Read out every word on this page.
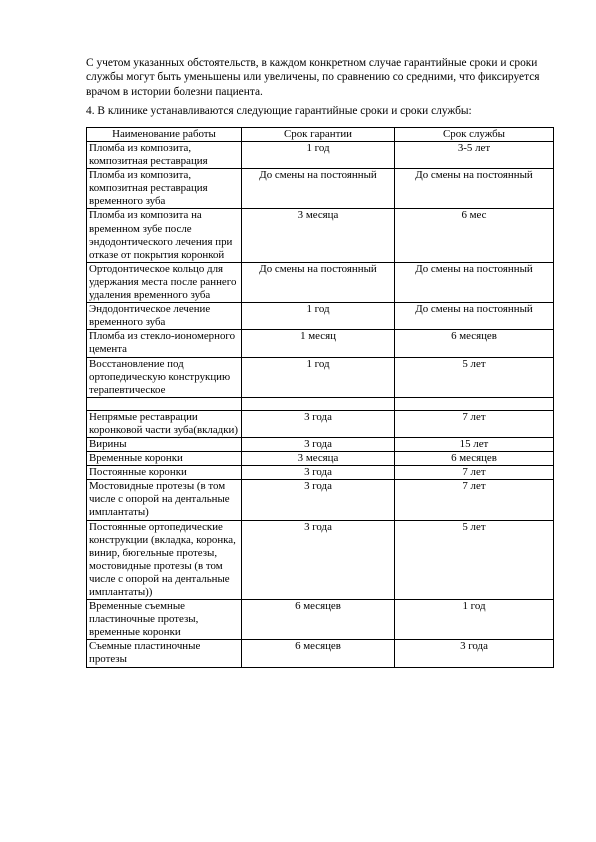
С учетом указанных обстоятельств, в каждом конкретном случае гарантийные сроки и сроки службы могут быть уменьшены или увеличены, по сравнению со средними, что фиксируется врачом в истории болезни пациента.

4. В клинике устанавливаются следующие гарантийные сроки и сроки службы:

Наименование работы	Срок гарантии	Срок службы
Пломба из композита, композитная реставрация	1 год	3-5 лет
Пломба из композита, композитная реставрация временного зуба	До смены на постоянный	До смены на постоянный
Пломба из композита на временном зубе после эндодонтического лечения при отказе от покрытия коронкой	3 месяца	6 мес
Ортодонтическое кольцо для удержания места после раннего удаления временного зуба	До смены на постоянный	До смены на постоянный
Эндодонтическое лечение временного зуба	1 год	До смены на постоянный
Пломба из стекло-иономерного цемента	1 месяц	6 месяцев
Восстановление под ортопедическую конструкцию терапевтическое	1 год	5 лет

Непрямые реставрации коронковой части зуба(вкладки)	3 года	7 лет
Вирины	3 года	15 лет
Временные коронки	3 месяца	6 месяцев
Постоянные коронки	3 года	7 лет
Мостовидные протезы (в том числе с опорой на дентальные имплантаты)	3 года	7 лет
Постоянные ортопедические конструкции (вкладка, коронка, винир, бюгельные протезы, мостовидные протезы (в том числе с опорой на дентальные имплантаты))	3 года	5 лет
Временные съемные пластиночные протезы, временные коронки	6 месяцев	1 год
Съемные пластиночные протезы	6 месяцев	3 года
